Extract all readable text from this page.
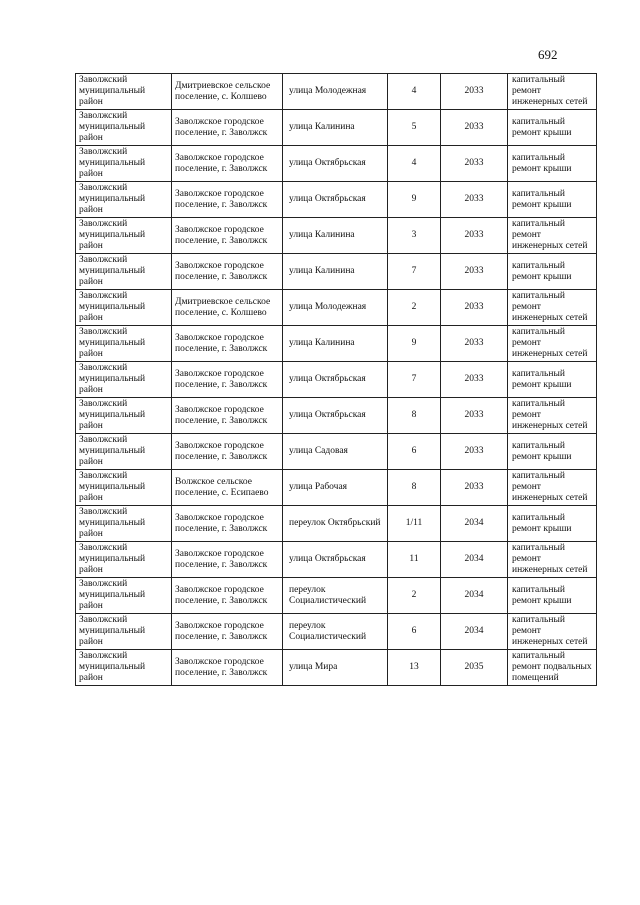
692
Заволжский муниципальный район	Дмитриевское сельское поселение, с. Колшево	улица Молодежная	4	2033	капитальный ремонт инженерных сетей
Заволжский муниципальный район	Заволжское городское поселение, г. Заволжск	улица Калинина	5	2033	капитальный ремонт крыши
Заволжский муниципальный район	Заволжское городское поселение, г. Заволжск	улица Октябрьская	4	2033	капитальный ремонт крыши
Заволжский муниципальный район	Заволжское городское поселение, г. Заволжск	улица Октябрьская	9	2033	капитальный ремонт крыши
Заволжский муниципальный район	Заволжское городское поселение, г. Заволжск	улица Калинина	3	2033	капитальный ремонт инженерных сетей
Заволжский муниципальный район	Заволжское городское поселение, г. Заволжск	улица Калинина	7	2033	капитальный ремонт крыши
Заволжский муниципальный район	Дмитриевское сельское поселение, с. Колшево	улица Молодежная	2	2033	капитальный ремонт инженерных сетей
Заволжский муниципальный район	Заволжское городское поселение, г. Заволжск	улица Калинина	9	2033	капитальный ремонт инженерных сетей
Заволжский муниципальный район	Заволжское городское поселение, г. Заволжск	улица Октябрьская	7	2033	капитальный ремонт крыши
Заволжский муниципальный район	Заволжское городское поселение, г. Заволжск	улица Октябрьская	8	2033	капитальный ремонт инженерных сетей
Заволжский муниципальный район	Заволжское городское поселение, г. Заволжск	улица Садовая	6	2033	капитальный ремонт крыши
Заволжский муниципальный район	Волжское сельское поселение, с. Есипаево	улица Рабочая	8	2033	капитальный ремонт инженерных сетей
Заволжский муниципальный район	Заволжское городское поселение, г. Заволжск	переулок Октябрьский	1/11	2034	капитальный ремонт крыши
Заволжский муниципальный район	Заволжское городское поселение, г. Заволжск	улица Октябрьская	11	2034	капитальный ремонт инженерных сетей
Заволжский муниципальный район	Заволжское городское поселение, г. Заволжск	переулок Социалистический	2	2034	капитальный ремонт крыши
Заволжский муниципальный район	Заволжское городское поселение, г. Заволжск	переулок Социалистический	6	2034	капитальный ремонт инженерных сетей
Заволжский муниципальный район	Заволжское городское поселение, г. Заволжск	улица Мира	13	2035	капитальный ремонт подвальных помещений
